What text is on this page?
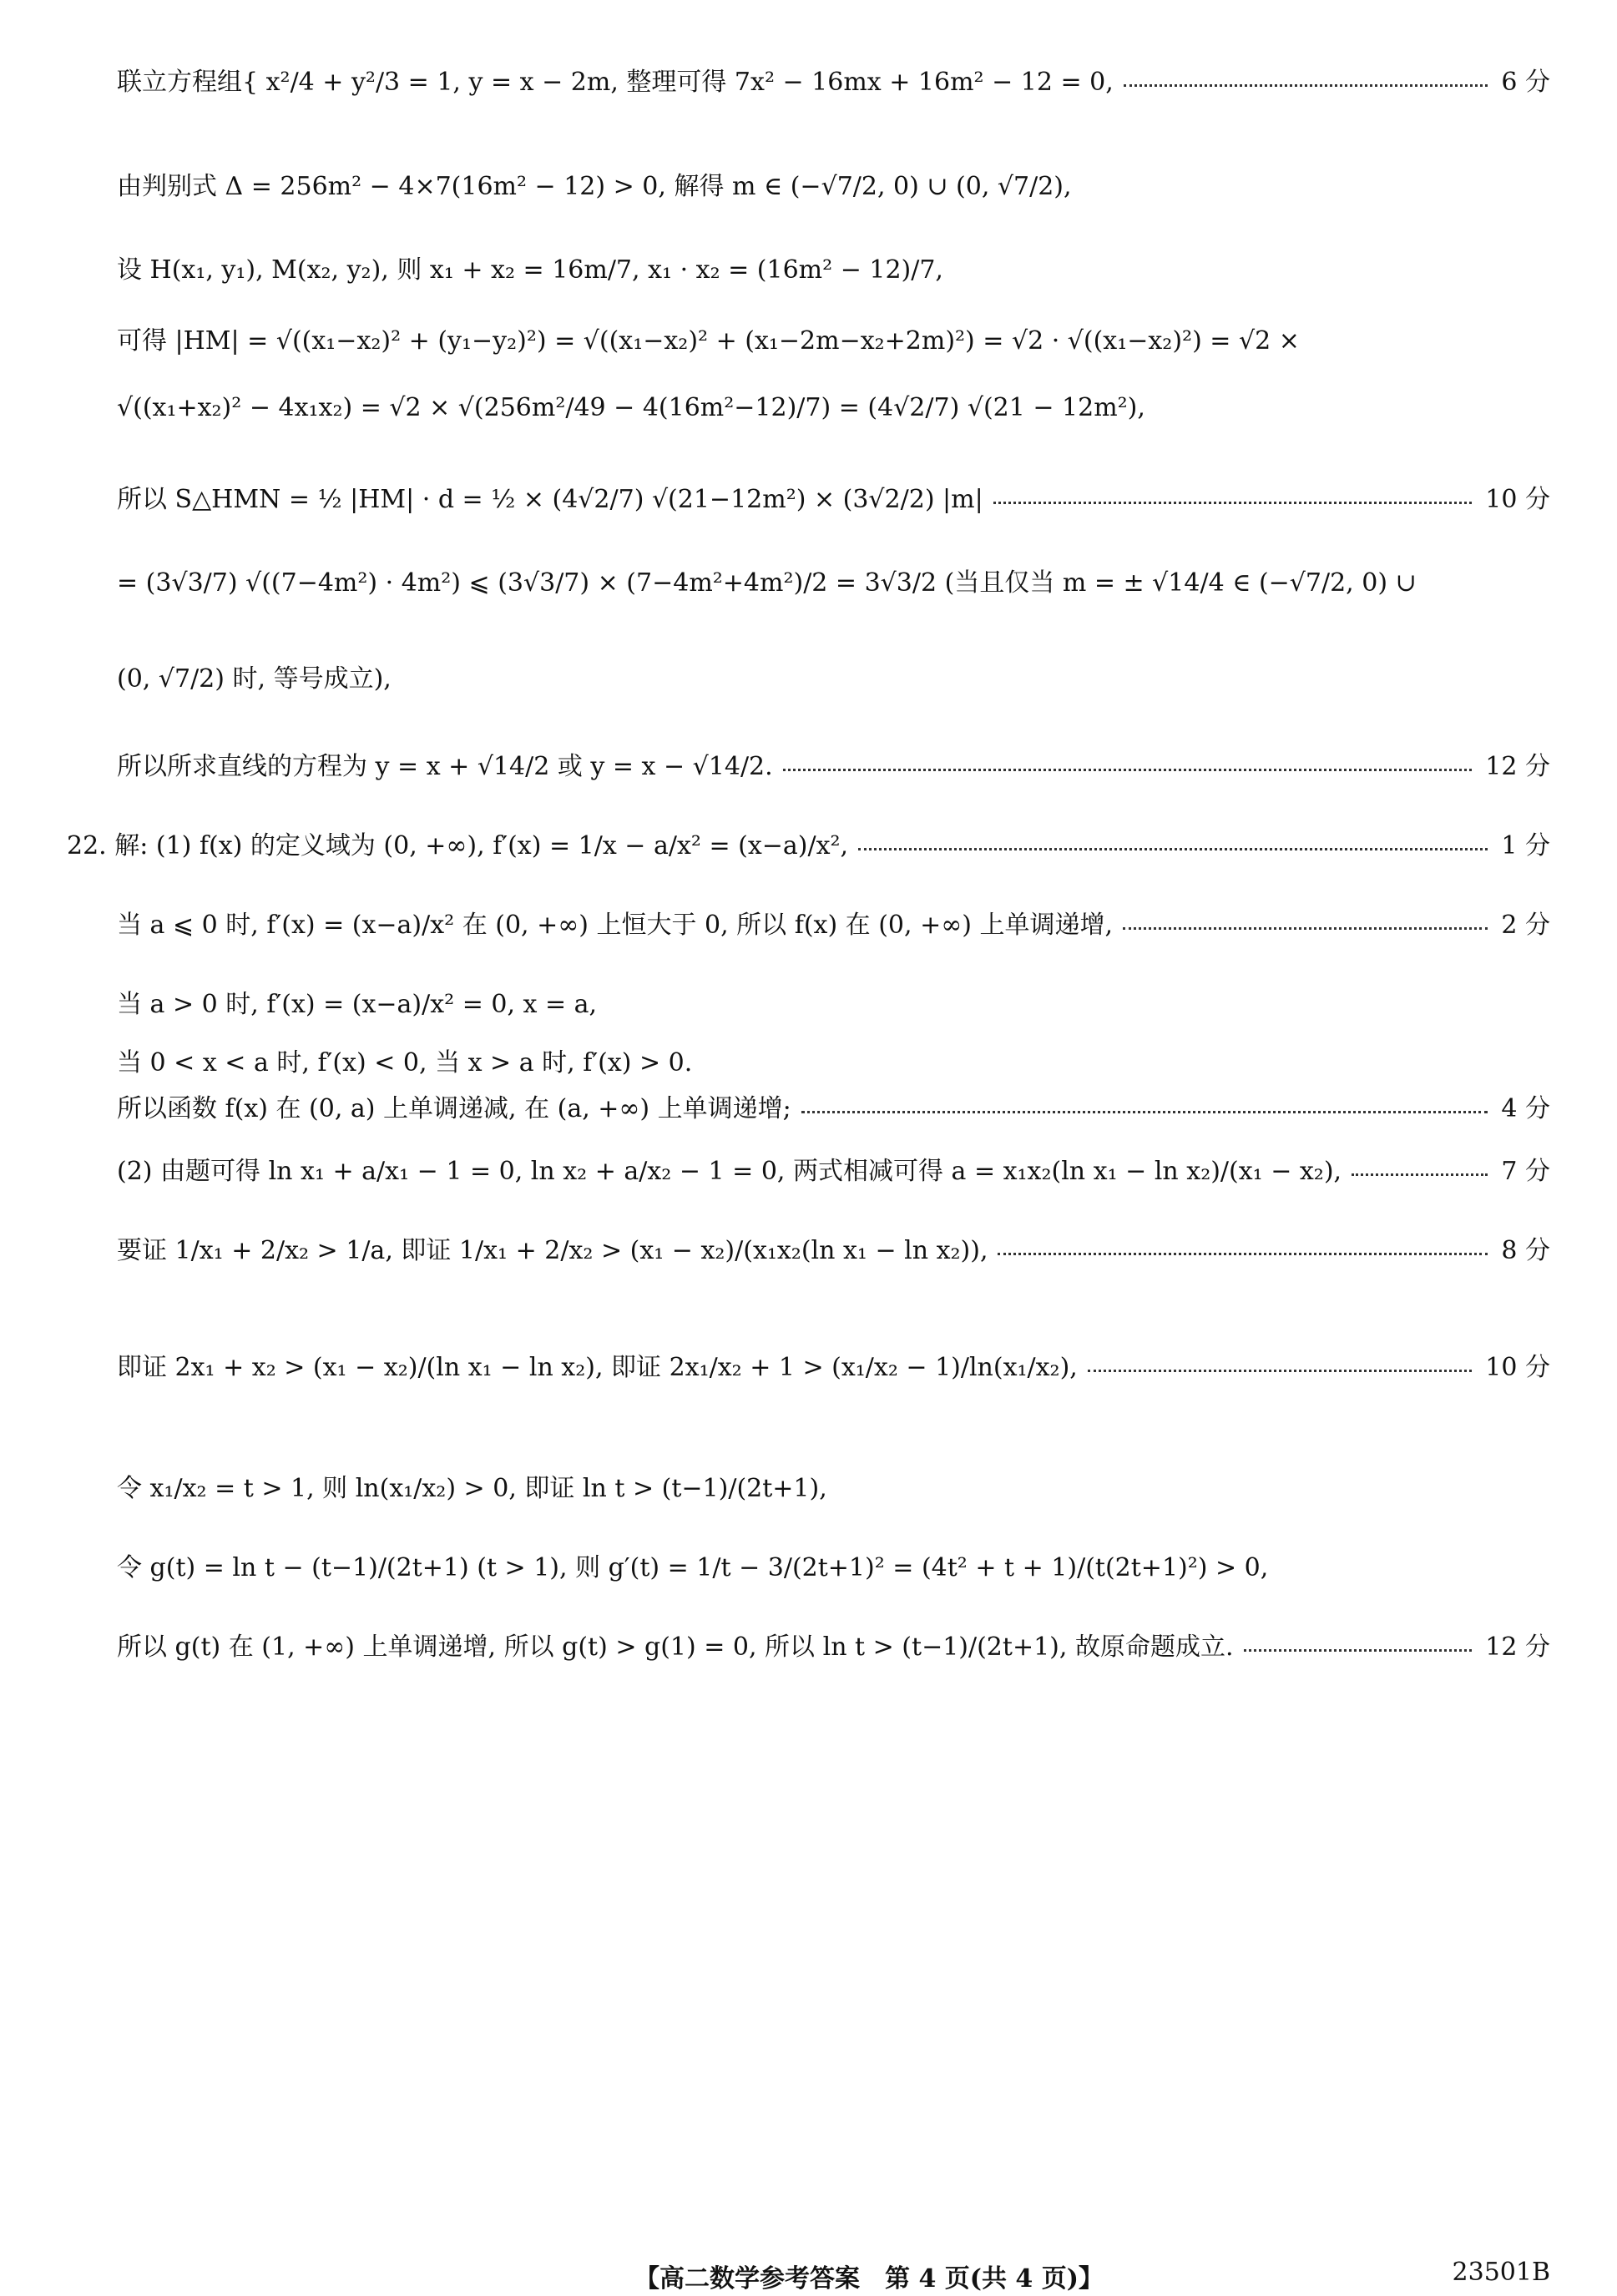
联立方程组{ x²/4 + y²/3 = 1, y = x − 2m, 整理可得 7x² − 16mx + 16m² − 12 = 0,	6 分
由判别式 Δ = 256m² − 4×7(16m² − 12) > 0, 解得 m ∈ (−√7/2, 0) ∪ (0, √7/2),
设 H(x₁, y₁), M(x₂, y₂), 则 x₁ + x₂ = 16m/7, x₁ · x₂ = (16m² − 12)/7,
可得 |HM| = √((x₁−x₂)² + (y₁−y₂)²) = √((x₁−x₂)² + (x₁−2m−x₂+2m)²) = √2 · √((x₁−x₂)²) = √2 ×
√((x₁+x₂)² − 4x₁x₂) = √2 × √(256m²/49 − 4(16m²−12)/7) = (4√2/7) √(21 − 12m²),
所以 S△HMN = ½ |HM| · d = ½ × (4√2/7) √(21−12m²) × (3√2/2) |m|	10 分
= (3√3/7) √((7−4m²) · 4m²) ⩽ (3√3/7) × (7−4m²+4m²)/2 = 3√3/2 (当且仅当 m = ± √14/4 ∈ (−√7/2, 0) ∪
(0, √7/2) 时, 等号成立),
所以所求直线的方程为 y = x + √14/2 或 y = x − √14/2.	12 分
22. 解: (1) f(x) 的定义域为 (0, +∞), f′(x) = 1/x − a/x² = (x−a)/x²,	1 分
当 a ⩽ 0 时, f′(x) = (x−a)/x² 在 (0, +∞) 上恒大于 0, 所以 f(x) 在 (0, +∞) 上单调递增,	2 分
当 a > 0 时, f′(x) = (x−a)/x² = 0, x = a,
当 0 < x < a 时, f′(x) < 0, 当 x > a 时, f′(x) > 0.
所以函数 f(x) 在 (0, a) 上单调递减, 在 (a, +∞) 上单调递增;	4 分
(2) 由题可得 ln x₁ + a/x₁ − 1 = 0, ln x₂ + a/x₂ − 1 = 0, 两式相减可得 a = x₁x₂(ln x₁ − ln x₂)/(x₁ − x₂),	7 分
要证 1/x₁ + 2/x₂ > 1/a, 即证 1/x₁ + 2/x₂ > (x₁ − x₂)/(x₁x₂(ln x₁ − ln x₂)),	8 分
即证 2x₁ + x₂ > (x₁ − x₂)/(ln x₁ − ln x₂), 即证 2x₁/x₂ + 1 > (x₁/x₂ − 1)/ln(x₁/x₂),	10 分
令 x₁/x₂ = t > 1, 则 ln(x₁/x₂) > 0, 即证 ln t > (t−1)/(2t+1),
令 g(t) = ln t − (t−1)/(2t+1) (t > 1), 则 g′(t) = 1/t − 3/(2t+1)² = (4t² + t + 1)/(t(2t+1)²) > 0,
所以 g(t) 在 (1, +∞) 上单调递增, 所以 g(t) > g(1) = 0, 所以 ln t > (t−1)/(2t+1), 故原命题成立.	12 分
【高二数学参考答案　第 4 页(共 4 页)】	23501B
